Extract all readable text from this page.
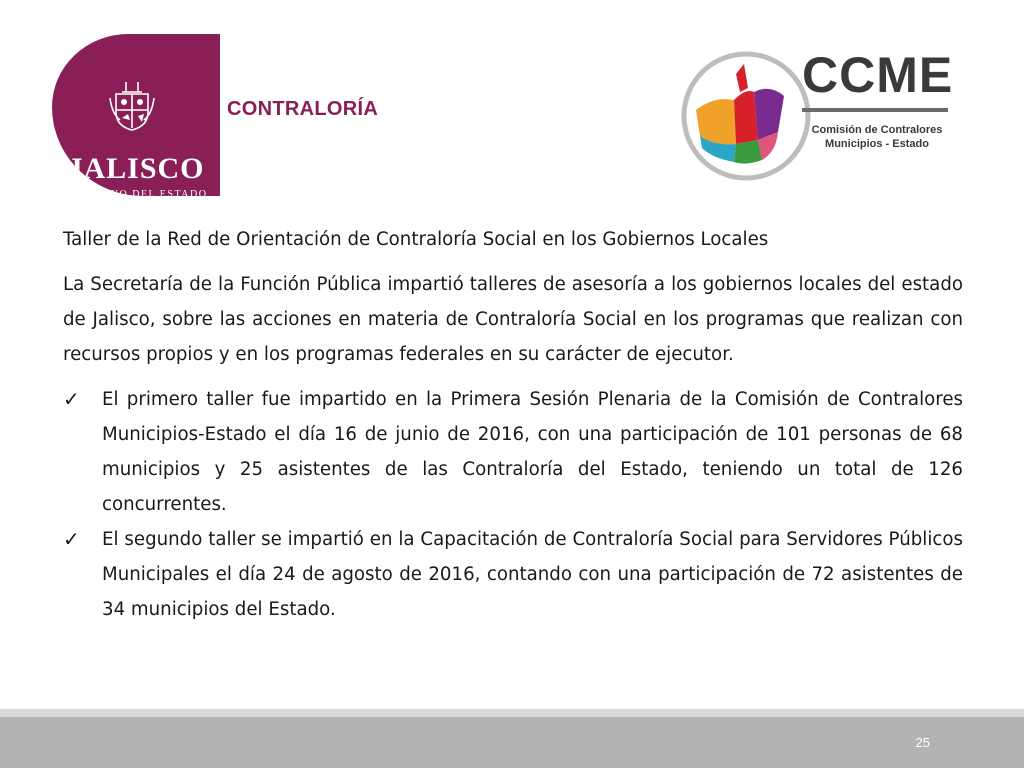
JALISCO
GOBIERNO DEL ESTADO
CONTRALORÍA
CCME
Comisión de Contralores
Municipios - Estado

Taller de la Red de Orientación de Contraloría Social en los Gobiernos Locales

La Secretaría de la Función Pública impartió talleres de asesoría a los gobiernos locales del estado de Jalisco, sobre las acciones en materia de Contraloría Social en los programas que realizan con recursos propios y en los programas federales en su carácter de ejecutor.

✓ El primero taller fue impartido en la Primera Sesión Plenaria de la Comisión de Contralores Municipios-Estado el día 16 de junio de 2016, con una participación de 101 personas de 68 municipios y 25 asistentes de las Contraloría del Estado, teniendo un total de 126 concurrentes.
✓ El segundo taller se impartió en la Capacitación de Contraloría Social para Servidores Públicos Municipales el día 24 de agosto de 2016, contando con una participación de 72 asistentes de 34 municipios del Estado.
25
